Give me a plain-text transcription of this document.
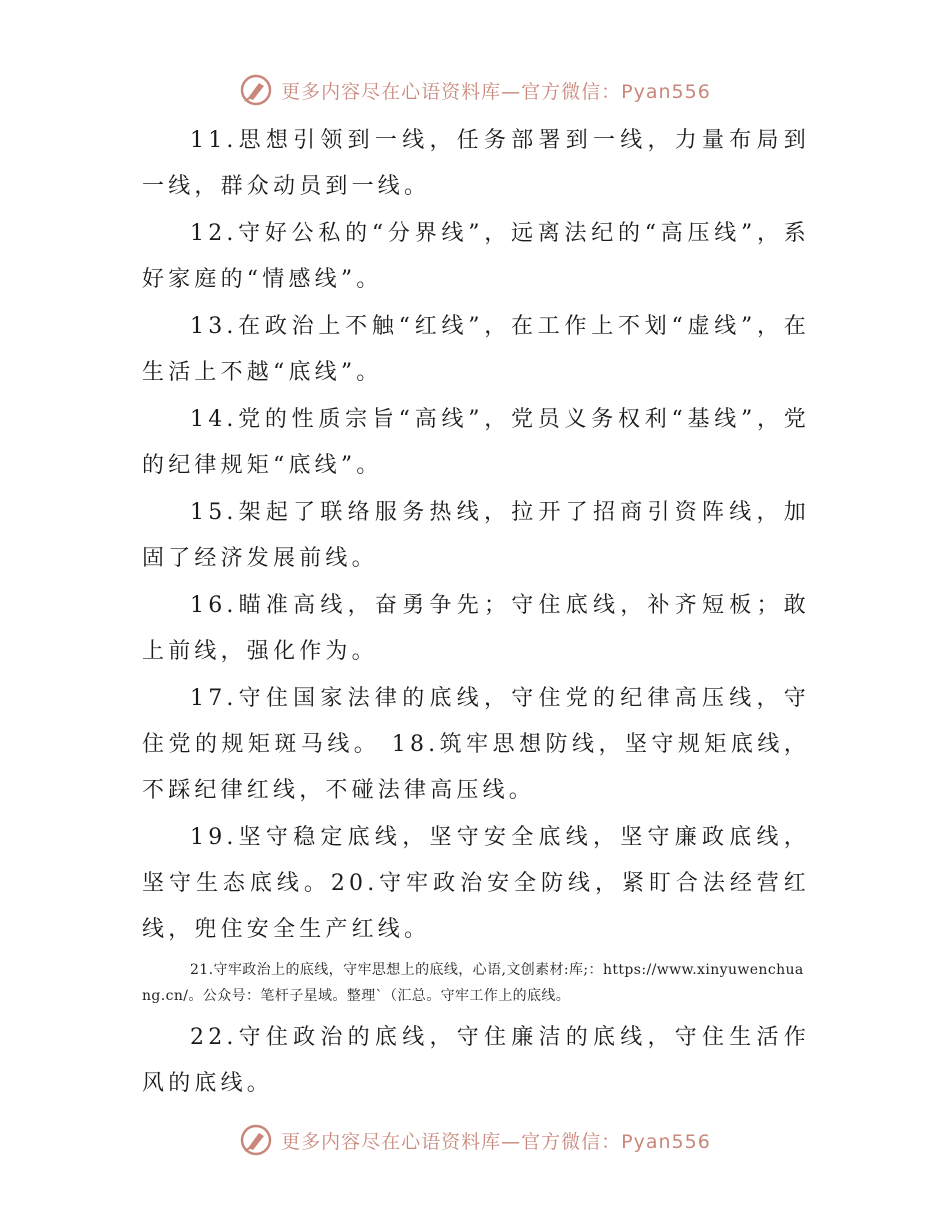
更多内容尽在心语资料库—官方微信：Pyan556

11.思想引领到一线，任务部署到一线，力量布局到一线，群众动员到一线。

12.守好公私的“分界线”，远离法纪的“高压线”，系好家庭的“情感线”。

13.在政治上不触“红线”，在工作上不划“虚线”，在生活上不越“底线”。

14.党的性质宗旨“高线”，党员义务权利“基线”，党的纪律规矩“底线”。

15.架起了联络服务热线，拉开了招商引资阵线，加固了经济发展前线。

16.瞄准高线，奋勇争先；守住底线，补齐短板；敢上前线，强化作为。

17.守住国家法律的底线，守住党的纪律高压线，守住党的规矩斑马线。 18.筑牢思想防线，坚守规矩底线，不踩纪律红线，不碰法律高压线。

19.坚守稳定底线，坚守安全底线，坚守廉政底线，坚守生态底线。20.守牢政治安全防线，紧盯合法经营红线，兜住安全生产红线。

21.守牢政治上的底线，守牢思想上的底线，心语,文创素材:库;：https://www.xinyuwenchuang.cn/。公众号：笔杆子星域。整理`（汇总。守牢工作上的底线。

22.守住政治的底线，守住廉洁的底线，守住生活作风的底线。

更多内容尽在心语资料库—官方微信：Pyan556
